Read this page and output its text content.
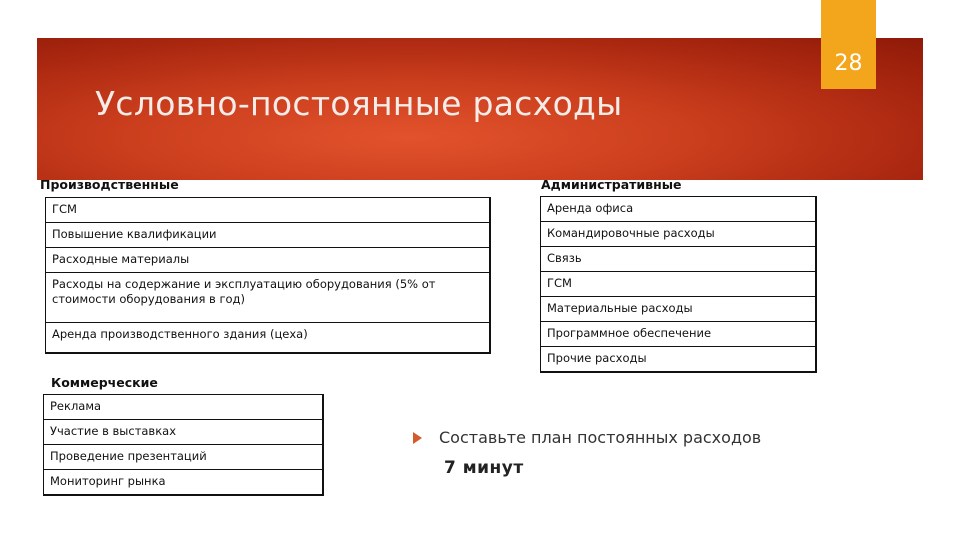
Условно-постоянные расходы
28
Производственные
ГСМ
Повышение квалификации
Расходные материалы
Расходы на содержание и эксплуатацию оборудования (5% от стоимости оборудования в год)
Аренда производственного здания (цеха)
Административные
Аренда офиса
Командировочные расходы
Связь
ГСМ
Материальные расходы
Программное обеспечение
Прочие расходы
Коммерческие
Реклама
Участие в выставках
Проведение презентаций
Мониторинг рынка
Составьте план постоянных расходов
7 минут
